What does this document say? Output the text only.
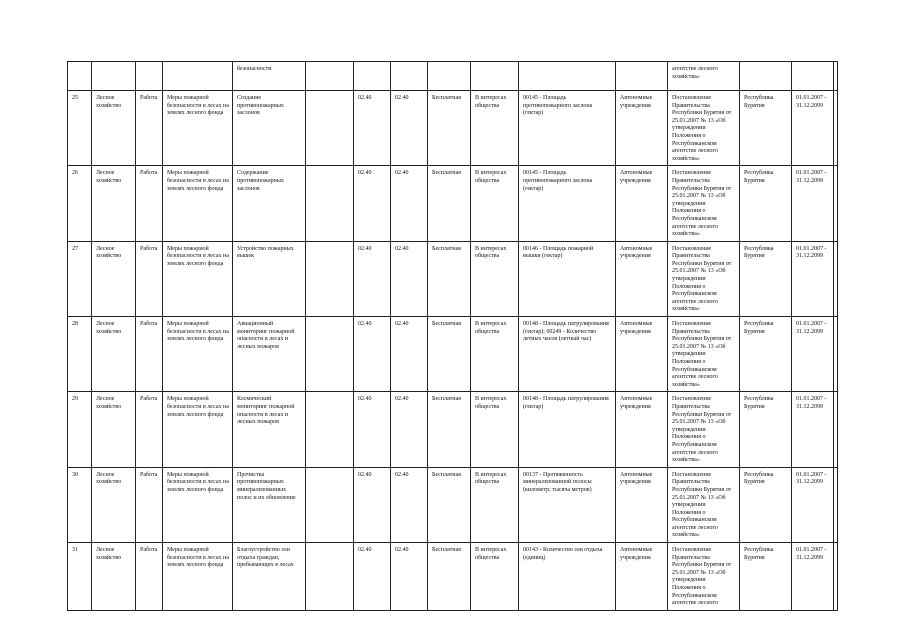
				безопасности								агентстве лесного хозяйства»			
25	Лесное хозяйство	Работа	Меры пожарной безопасности в лесах на землях лесного фонда	Создание противопожарных заслонов		02.40	02.40	Бесплатная	В интересах общества	00145 - Площадь противопожарного заслона (гектар)	Автономные учреждения	Постановление Правительства Республики Бурятия от 25.01.2007 № 13 «Об утверждении Положения о Республиканском агентстве лесного хозяйства»	Республика Бурятия	01.01.2007 - 31.12.2099	
26	Лесное хозяйство	Работа	Меры пожарной безопасности в лесах на землях лесного фонда	Содержание противопожарных заслонов		02.40	02.40	Бесплатная	В интересах общества	00145 - Площадь противопожарного заслона (гектар)	Автономные учреждения	Постановление Правительства Республики Бурятия от 25.01.2007 № 13 «Об утверждении Положения о Республиканском агентстве лесного хозяйства»	Республика Бурятия	01.01.2007 - 31.12.2099	
27	Лесное хозяйство	Работа	Меры пожарной безопасности в лесах на землях лесного фонда	Устройство пожарных вышек		02.40	02.40	Бесплатная	В интересах общества	00146 - Площадь пожарной вышки (гектар)	Автономные учреждения	Постановление Правительства Республики Бурятия от 25.01.2007 № 13 «Об утверждении Положения о Республиканском агентстве лесного хозяйства»	Республика Бурятия	01.01.2007 - 31.12.2099	
28	Лесное хозяйство	Работа	Меры пожарной безопасности в лесах на землях лесного фонда	Авиационный мониторинг пожарной опасности в лесах и лесных пожаров		02.40	02.40	Бесплатная	В интересах общества	00148 - Площадь патрулирования (гектар); 00249 - Количество летных часов (летный час)	Автономные учреждения	Постановление Правительства Республики Бурятия от 25.01.2007 № 13 «Об утверждении Положения о Республиканском агентстве лесного хозяйства»	Республика Бурятия	01.01.2007 - 31.12.2099	
29	Лесное хозяйство	Работа	Меры пожарной безопасности в лесах на землях лесного фонда	Космический мониторинг пожарной опасности в лесах и лесных пожаров		02.40	02.40	Бесплатная	В интересах общества	00148 - Площадь патрулирования (гектар)	Автономные учреждения	Постановление Правительства Республики Бурятия от 25.01.2007 № 13 «Об утверждении Положения о Республиканском агентстве лесного хозяйства»	Республика Бурятия	01.01.2007 - 31.12.2099	
30	Лесное хозяйство	Работа	Меры пожарной безопасности в лесах на землях лесного фонда	Прочистка противопожарных минерализованных полос и их обновление		02.40	02.40	Бесплатная	В интересах общества	00137 - Протяженность минерализованной полосы (километр; тысяча метров)	Автономные учреждения	Постановление Правительства Республики Бурятия от 25.01.2007 № 13 «Об утверждении Положения о Республиканском агентстве лесного хозяйства»	Республика Бурятия	01.01.2007 - 31.12.2099	
31	Лесное хозяйство	Работа	Меры пожарной безопасности в лесах на землях лесного фонда	Благоустройство зон отдыха граждан, пребывающих в лесах		02.40	02.40	Бесплатная	В интересах общества	00143 - Количество зон отдыха (единиц)	Автономные учреждения	Постановление Правительства Республики Бурятия от 25.01.2007 № 13 «Об утверждении Положения о Республиканском агентстве лесного	Республика Бурятия	01.01.2007 - 31.12.2099	
